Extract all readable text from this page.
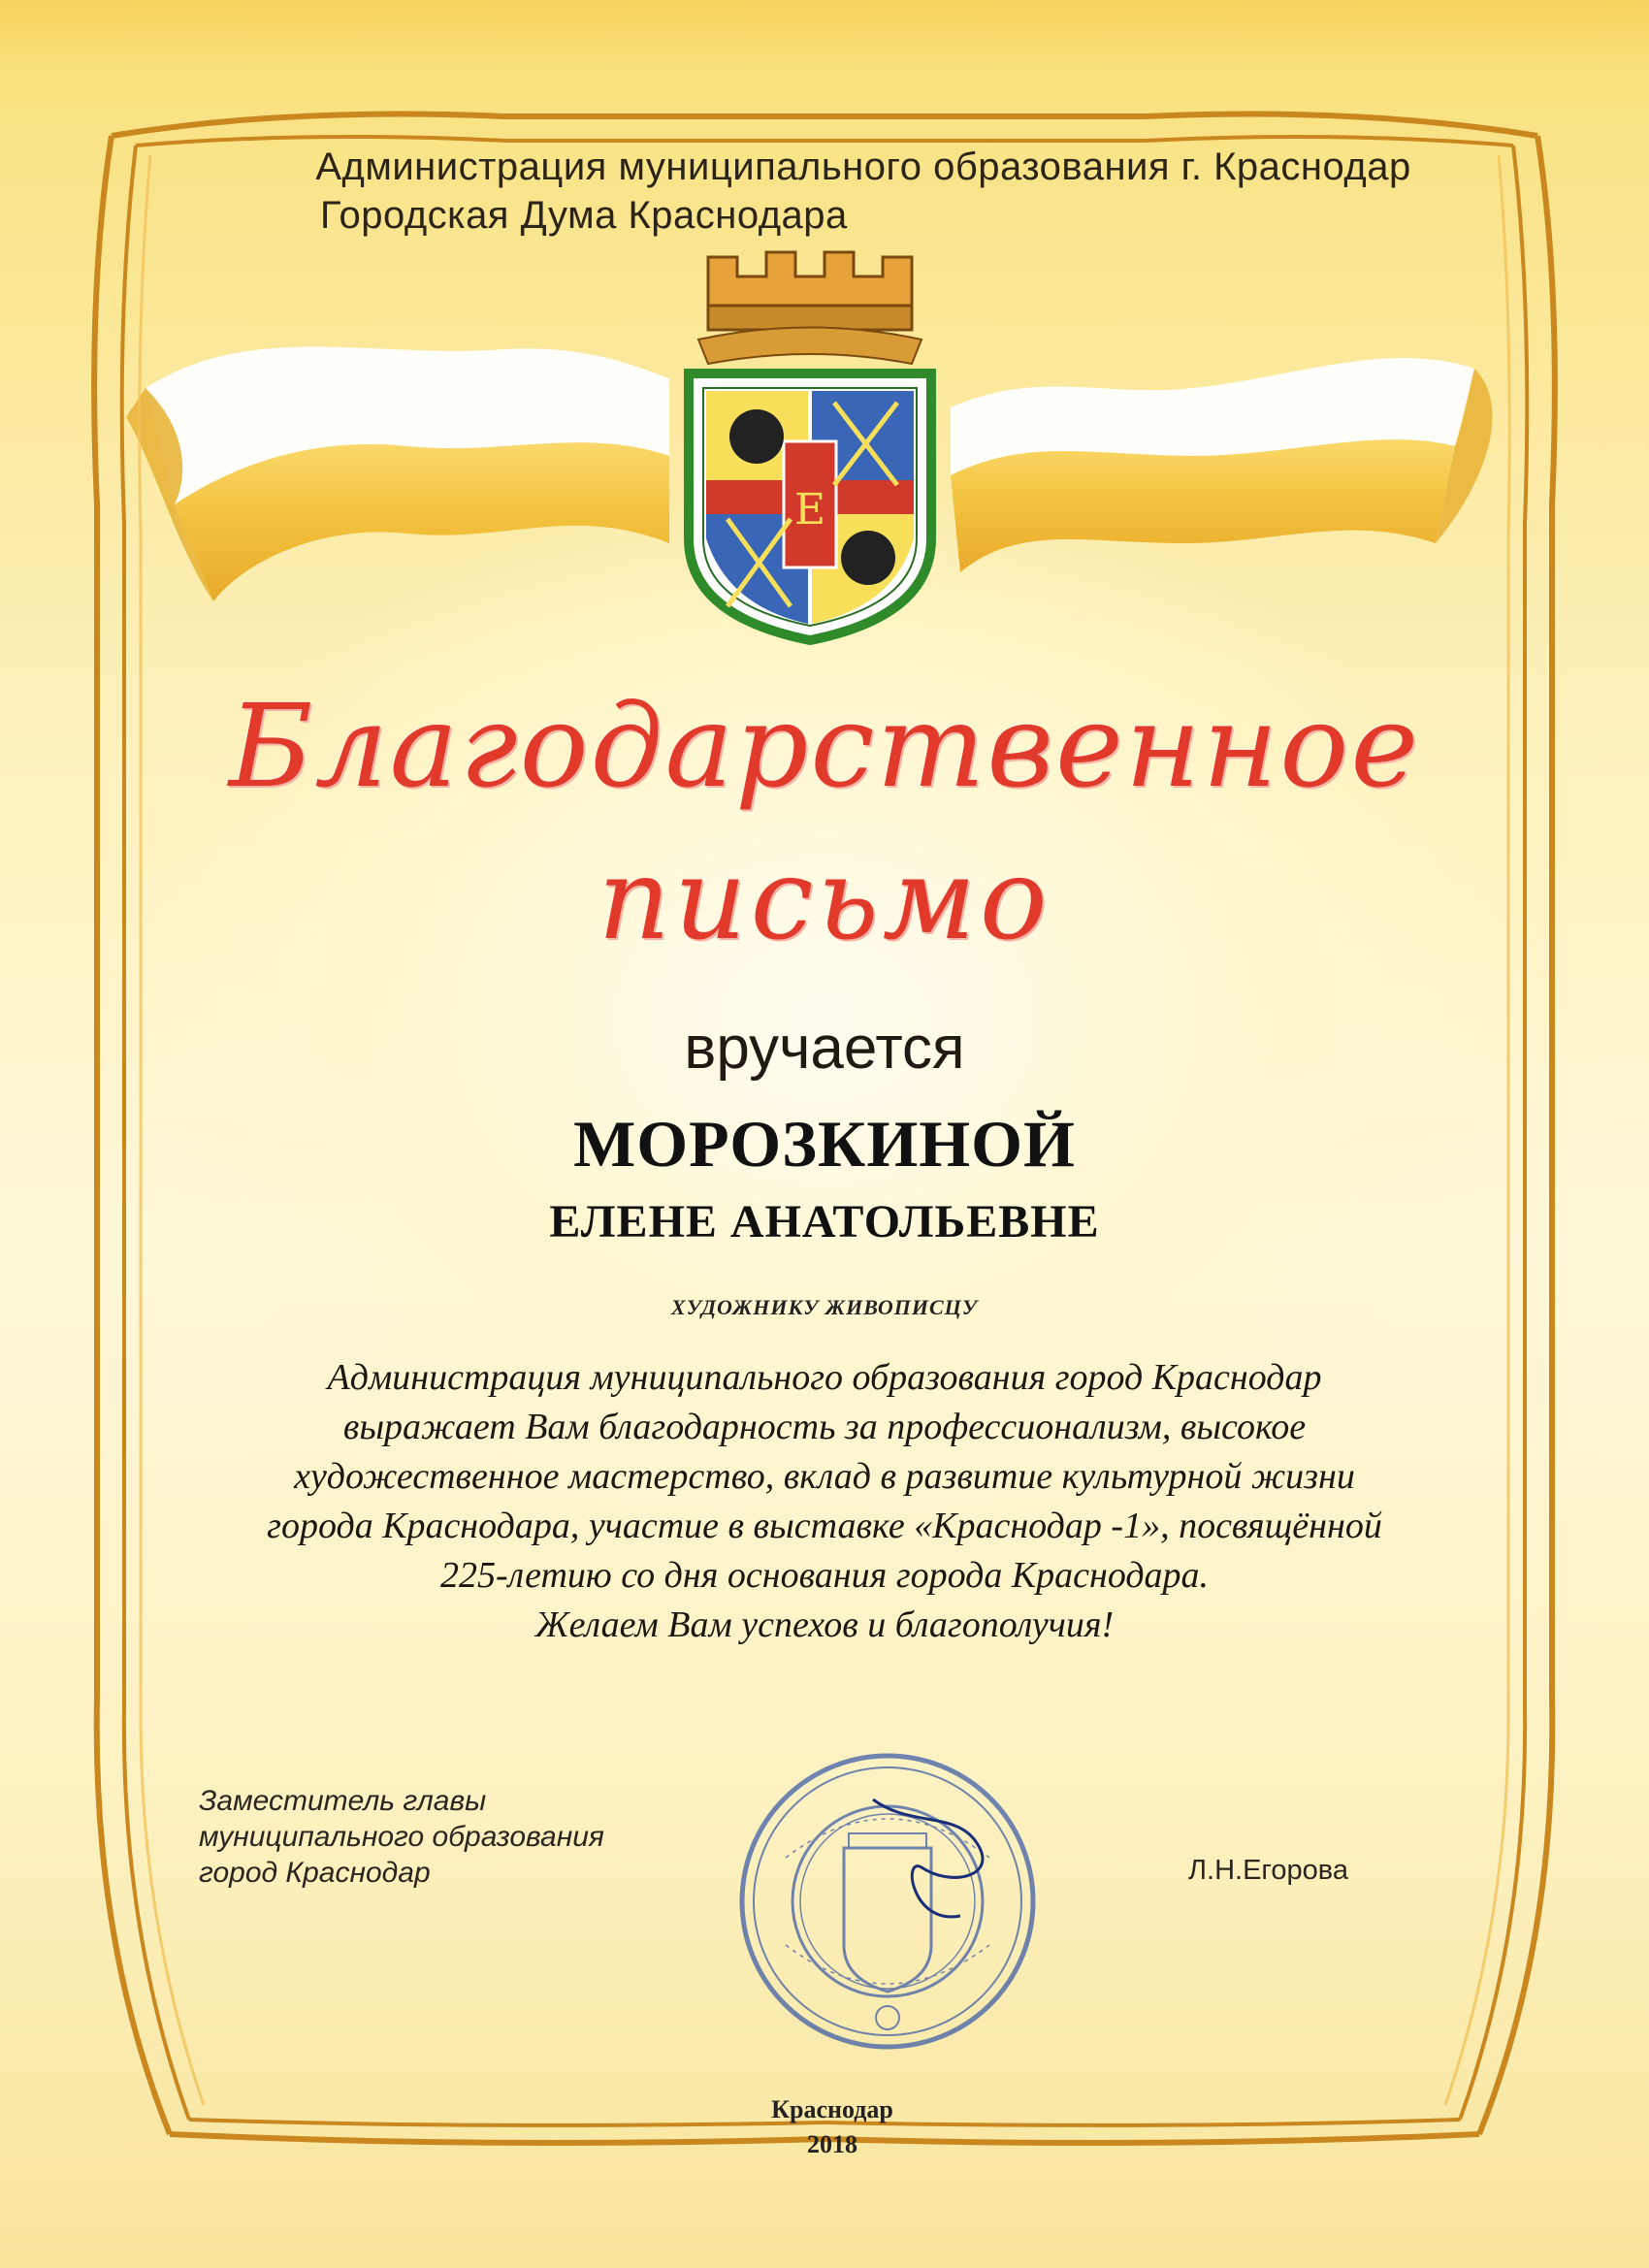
Администрация муниципального образования г. Краснодар
Городская Дума Краснодара
Е
Благодарственное
письмо
вручается
МОРОЗКИНОЙ
ЕЛЕНЕ АНАТОЛЬЕВНЕ
ХУДОЖНИКУ ЖИВОПИСЦУ
Администрация муниципального образования город Краснодар
выражает Вам благодарность за профессионализм, высокое
художественное мастерство, вклад в развитие культурной жизни
города Краснодара, участие в выставке «Краснодар -1», посвящённой
225-летию со дня основания города Краснодара.
Желаем Вам успехов и благополучия!
Заместитель главы
муниципального образования
город Краснодар	Л.Н.Егорова
Краснодар
2018
